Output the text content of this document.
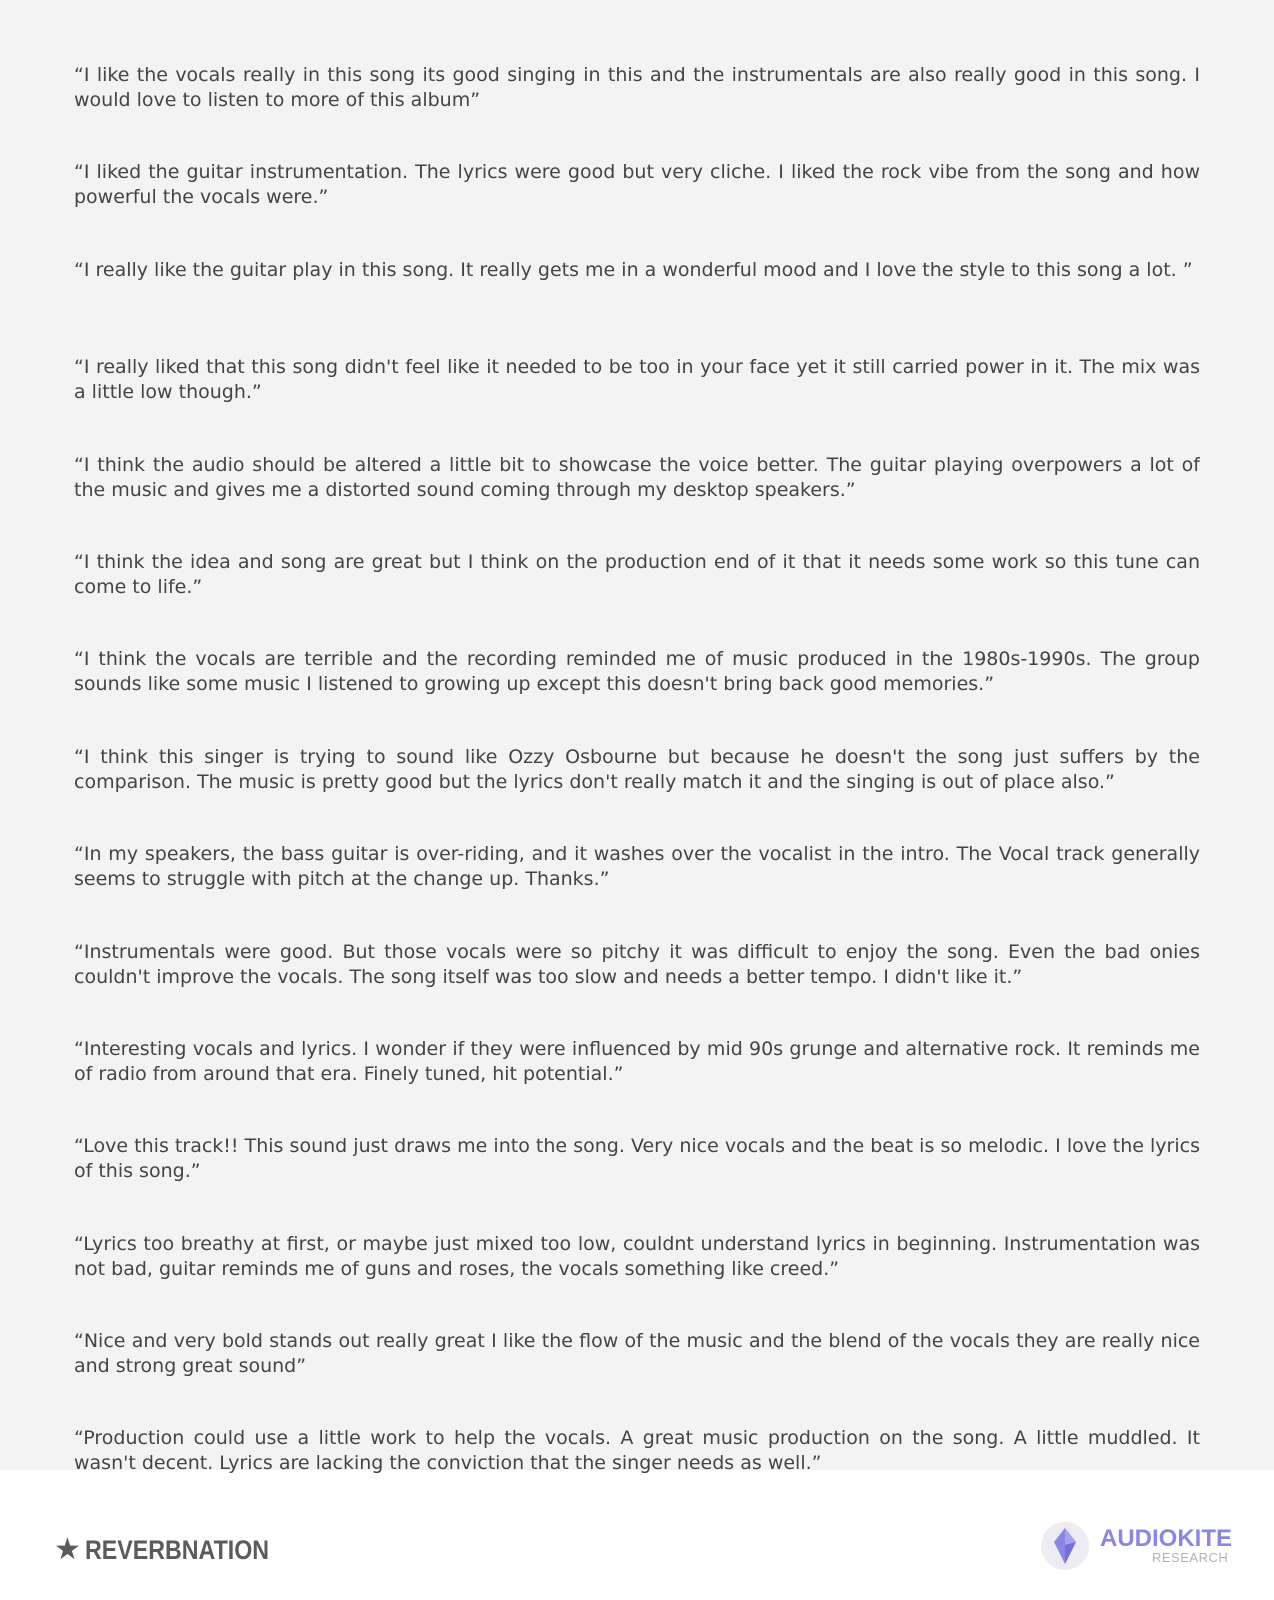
“I like the vocals really in this song its good singing in this and the instrumentals are also really good in this song. I would love to listen to more of this album”

“I liked the guitar instrumentation. The lyrics were good but very cliche. I liked the rock vibe from the song and how powerful the vocals were.”

“I really like the guitar play in this song. It really gets me in a wonderful mood and I love the style to this song a lot. ”

“I really liked that this song didn't feel like it needed to be too in your face yet it still carried power in it. The mix was a little low though.”

“I think the audio should be altered a little bit to showcase the voice better. The guitar playing overpowers a lot of the music and gives me a distorted sound coming through my desktop speakers.”

“I think the idea and song are great but I think on the production end of it that it needs some work so this tune can come to life.”

“I think the vocals are terrible and the recording reminded me of music produced in the 1980s-1990s. The group sounds like some music I listened to growing up except this doesn't bring back good memories.”

“I think this singer is trying to sound like Ozzy Osbourne but because he doesn't the song just suffers by the comparison. The music is pretty good but the lyrics don't really match it and the singing is out of place also.”

“In my speakers, the bass guitar is over-riding, and it washes over the vocalist in the intro. The Vocal track generally seems to struggle with pitch at the change up. Thanks.”

“Instrumentals were good. But those vocals were so pitchy it was difficult to enjoy the song. Even the bad onies couldn't improve the vocals. The song itself was too slow and needs a better tempo. I didn't like it.”

“Interesting vocals and lyrics. I wonder if they were influenced by mid 90s grunge and alternative rock. It reminds me of radio from around that era. Finely tuned, hit potential.”

“Love this track!! This sound just draws me into the song. Very nice vocals and the beat is so melodic. I love the lyrics of this song.”

“Lyrics too breathy at first, or maybe just mixed too low, couldnt understand lyrics in beginning. Instrumentation was not bad, guitar reminds me of guns and roses, the vocals something like creed.”

“Nice and very bold stands out really great I like the flow of the music and the blend of the vocals they are really nice and strong great sound”

“Production could use a little work to help the vocals. A great music production on the song. A little muddled. It wasn't decent. Lyrics are lacking the conviction that the singer needs as well.”

★ REVERBNATION	AUDIOKITE
RESEARCH
